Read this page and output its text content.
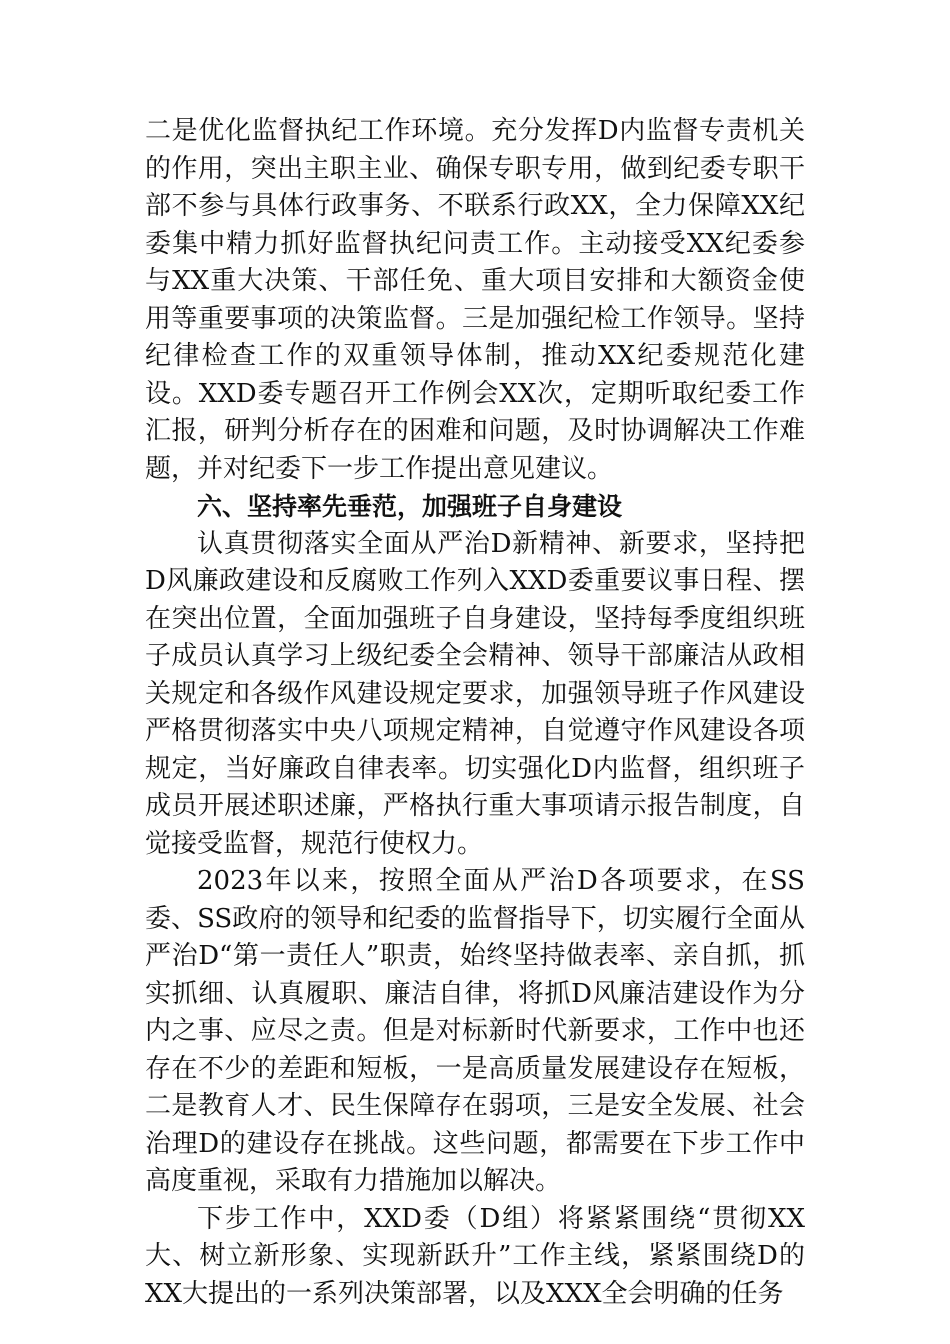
二是优化监督执纪工作环境。充分发挥D内监督专责机关的作用，突出主职主业、确保专职专用，做到纪委专职干部不参与具体行政事务、不联系行政XX，全力保障XX纪委集中精力抓好监督执纪问责工作。主动接受XX纪委参与XX重大决策、干部任免、重大项目安排和大额资金使用等重要事项的决策监督。三是加强纪检工作领导。坚持纪律检查工作的双重领导体制，推动XX纪委规范化建设。XXD委专题召开工作例会XX次，定期听取纪委工作汇报，研判分析存在的困难和问题，及时协调解决工作难题，并对纪委下一步工作提出意见建议。

六、坚持率先垂范，加强班子自身建设

认真贯彻落实全面从严治D新精神、新要求，坚持把D风廉政建设和反腐败工作列入XXD委重要议事日程、摆在突出位置，全面加强班子自身建设，坚持每季度组织班子成员认真学习上级纪委全会精神、领导干部廉洁从政相关规定和各级作风建设规定要求，加强领导班子作风建设严格贯彻落实中央八项规定精神，自觉遵守作风建设各项规定，当好廉政自律表率。切实强化D内监督，组织班子成员开展述职述廉，严格执行重大事项请示报告制度，自觉接受监督，规范行使权力。

2023年以来，按照全面从严治D各项要求，在SS委、SS政府的领导和纪委的监督指导下，切实履行全面从严治D“第一责任人”职责，始终坚持做表率、亲自抓，抓实抓细、认真履职、廉洁自律，将抓D风廉洁建设作为分内之事、应尽之责。但是对标新时代新要求，工作中也还存在不少的差距和短板，一是高质量发展建设存在短板，二是教育人才、民生保障存在弱项，三是安全发展、社会治理D的建设存在挑战。这些问题，都需要在下步工作中高度重视，采取有力措施加以解决。

下步工作中，XXD委（D组）将紧紧围绕“贯彻XX大、树立新形象、实现新跃升”工作主线，紧紧围绕D的XX大提出的一系列决策部署，以及XXX全会明确的任务
